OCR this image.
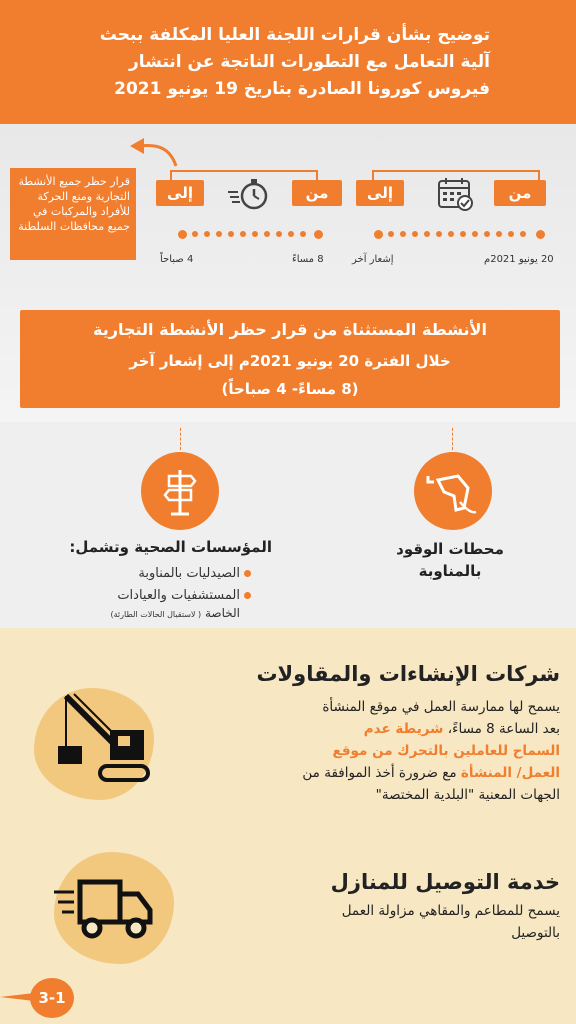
توضيح بشأن قرارات اللجنة العليا المكلفة ببحث
آلية التعامل مع التطورات الناتجة عن انتشار
فيروس كورونا الصادرة بتاريخ 19 يونيو 2021
قرار حظر جميع الأنشطة التجارية ومنع الحركة للأفراد والمركبات في جميع محافظات السلطنة
من
إلى
20 يونيو 2021م
إشعار آخر
من
إلى
8 مساءً
4 صباحاً
الأنشطة المستثناة من قرار حظر الأنشطة التجارية
خلال الفترة 20 يونيو 2021م إلى إشعار آخر
(8 مساءً- 4 صباحاً)
محطات الوقود
بالمناوبة
المؤسسات الصحية وتشمل:
الصيدليات بالمناوبة
المستشفيات والعيادات
الخاصة ( لاستقبال الحالات الطارئة)
شركات الإنشاءات والمقاولات
يسمح لها ممارسة العمل في موقع المنشأة
بعد الساعة 8 مساءً، شريطة عدم
السماح للعاملين بالتحرك من موقع
العمل/ المنشأة مع ضرورة أخذ الموافقة من
الجهات المعنية "البلدية المختصة"
خدمة التوصيل للمنازل
يسمح للمطاعم والمقاهي مزاولة العمل
بالتوصيل
3-1
